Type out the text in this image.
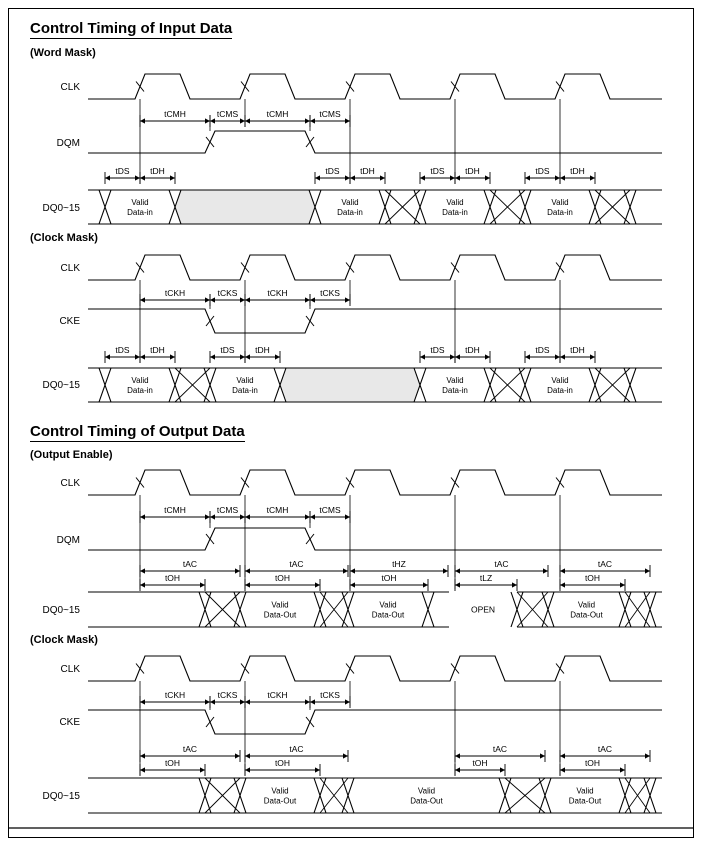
Control Timing of Input Data
(Word Mask)
(Clock Mask)
Control Timing of Output Data
(Output Enable)
(Clock Mask)
CLK
tCMH	tCMS	tCMH	tCMS
DQM
tDS tDH	tDS tDH	tDS tDH	tDS tDH
Valid Data-in
Valid Data-in
Valid Data-in
Valid Data-in
DQ0~15
CLK
tCKH	tCKS	tCKH	tCKS
CKE
tDS tDH	tDS tDH	tDS tDH	tDS tDH
Valid Data-in
Valid Data-in
Valid Data-in
Valid Data-in
DQ0~15
CLK
tCMH	tCMS	tCMH	tCMS
DQM
tAC	tAC	tHZ	tAC	tAC
tOH	tOH	tOH	tLZ	tOH
Valid Data-Out
Valid Data-Out
Valid Data-Out
OPEN
DQ0~15
CLK
tCKH	tCKS	tCKH	tCKS
CKE
tAC	tAC	tAC	tAC
tOH	tOH	tOH	tOH
Valid Data-Out
Valid Data-Out
Valid Data-Out
DQ0~15
